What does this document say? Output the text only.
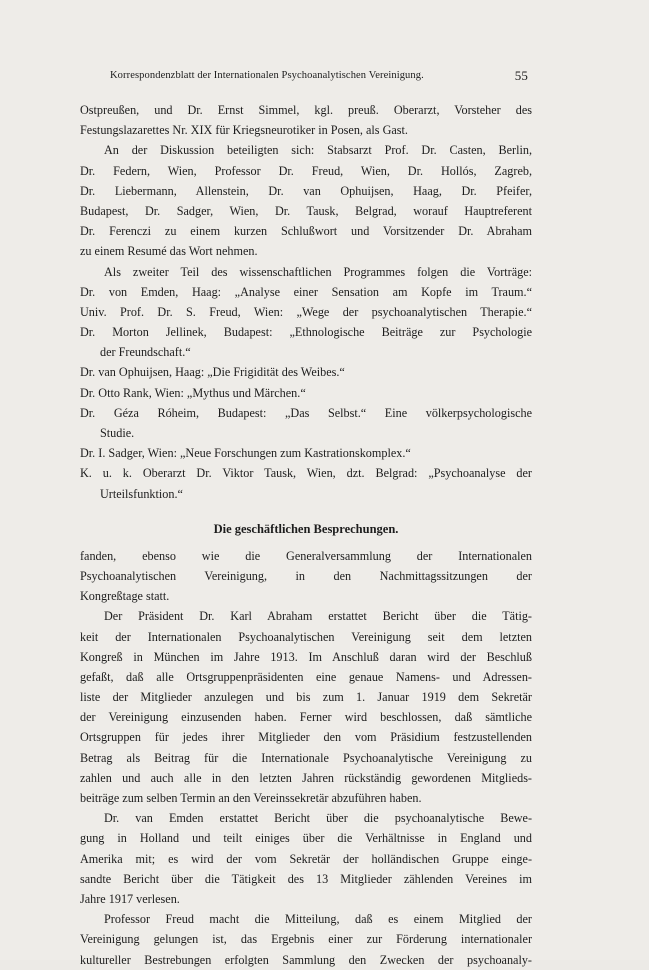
Korrespondenzblatt der Internationalen Psychoanalytischen Vereinigung.	55
Ostpreußen, und Dr. Ernst Simmel, kgl. preuß. Oberarzt, Vorsteher des
Festungslazarettes Nr. XIX für Kriegsneurotiker in Posen, als Gast.
An der Diskussion beteiligten sich: Stabsarzt Prof. Dr. Casten, Berlin,
Dr. Federn, Wien, Professor Dr. Freud, Wien, Dr. Hollós, Zagreb,
Dr. Liebermann, Allenstein, Dr. van Ophuijsen, Haag, Dr. Pfeifer,
Budapest, Dr. Sadger, Wien, Dr. Tausk, Belgrad, worauf Hauptreferent
Dr. Ferenczi zu einem kurzen Schlußwort und Vorsitzender Dr. Abraham
zu einem Resumé das Wort nehmen.
Als zweiter Teil des wissenschaftlichen Programmes folgen die Vorträge:
Dr. von Emden, Haag: „Analyse einer Sensation am Kopfe im Traum.“
Univ. Prof. Dr. S. Freud, Wien: „Wege der psychoanalytischen Therapie.“
Dr. Morton Jellinek, Budapest: „Ethnologische Beiträge zur Psychologie
der Freundschaft.“
Dr. van Ophuijsen, Haag: „Die Frigidität des Weibes.“
Dr. Otto Rank, Wien: „Mythus und Märchen.“
Dr. Géza Róheim, Budapest: „Das Selbst.“ Eine völkerpsychologische
Studie.
Dr. I. Sadger, Wien: „Neue Forschungen zum Kastrationskomplex.“
K. u. k. Oberarzt Dr. Viktor Tausk, Wien, dzt. Belgrad: „Psychoanalyse der
Urteilsfunktion.“
Die geschäftlichen Besprechungen.
fanden, ebenso wie die Generalversammlung der Internationalen
Psychoanalytischen Vereinigung, in den Nachmittagssitzungen der
Kongreßtage statt.
Der Präsident Dr. Karl Abraham erstattet Bericht über die Tätig-
keit der Internationalen Psychoanalytischen Vereinigung seit dem letzten
Kongreß in München im Jahre 1913. Im Anschluß daran wird der Beschluß
gefaßt, daß alle Ortsgruppenpräsidenten eine genaue Namens- und Adressen-
liste der Mitglieder anzulegen und bis zum 1. Januar 1919 dem Sekretär
der Vereinigung einzusenden haben. Ferner wird beschlossen, daß sämtliche
Ortsgruppen für jedes ihrer Mitglieder den vom Präsidium festzustellenden
Betrag als Beitrag für die Internationale Psychoanalytische Vereinigung zu
zahlen und auch alle in den letzten Jahren rückständig gewordenen Mitglieds-
beiträge zum selben Termin an den Vereinssekretär abzuführen haben.
Dr. van Emden erstattet Bericht über die psychoanalytische Bewe-
gung in Holland und teilt einiges über die Verhältnisse in England und
Amerika mit; es wird der vom Sekretär der holländischen Gruppe einge-
sandte Bericht über die Tätigkeit des 13 Mitglieder zählenden Vereines im
Jahre 1917 verlesen.
Professor Freud macht die Mitteilung, daß es einem Mitglied der
Vereinigung gelungen ist, das Ergebnis einer zur Förderung internationaler
kultureller Bestrebungen erfolgten Sammlung den Zwecken der psychoanaly-
